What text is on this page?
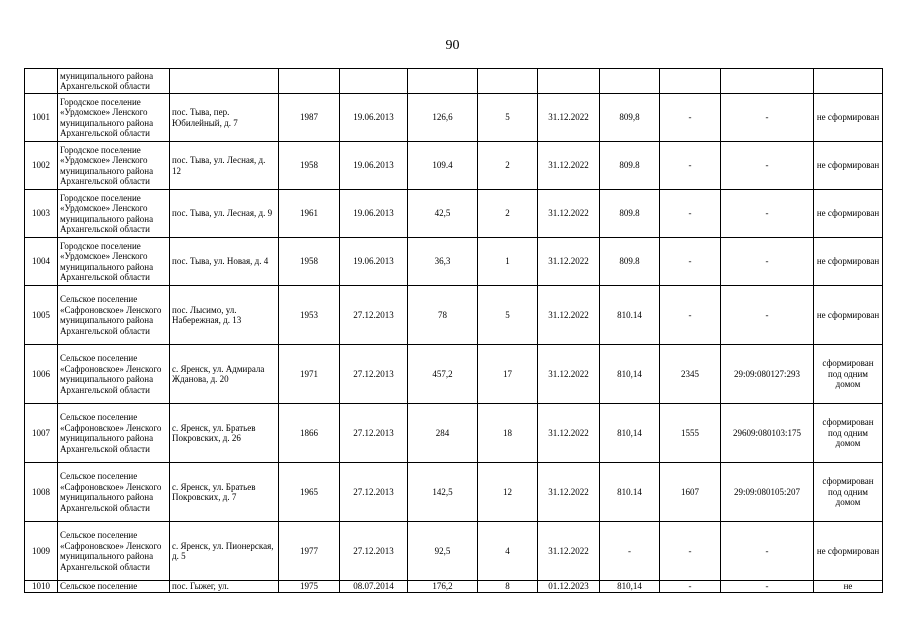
90
	муниципального района Архангельской области										
1001	Городское поселение «Урдомское» Ленского муниципального района Архангельской области	пос. Тыва, пер. Юбилейный, д. 7	1987	19.06.2013	126,6	5	31.12.2022	809,8	-	-	не сформирован
1002	Городское поселение «Урдомское» Ленского муниципального района Архангельской области	пос. Тыва, ул. Лесная, д. 12	1958	19.06.2013	109.4	2	31.12.2022	809.8	-	-	не сформирован
1003	Городское поселение «Урдомское» Ленского муниципального района Архангельской области	пос. Тыва, ул. Лесная, д. 9	1961	19.06.2013	42,5	2	31.12.2022	809.8	-	-	не сформирован
1004	Городское поселение «Урдомское» Ленского муниципального района Архангельской области	пос. Тыва, ул. Новая, д. 4	1958	19.06.2013	36,3	1	31.12.2022	809.8	-	-	не сформирован
1005	Сельское поселение «Сафроновское» Ленского муниципального района Архангельской области	пос. Лысимо, ул. Набережная, д. 13	1953	27.12.2013	78	5	31.12.2022	810.14	-	-	не сформирован
1006	Сельское поселение «Сафроновское» Ленского муниципального района Архангельской области	с. Яренск, ул. Адмирала Жданова, д. 20	1971	27.12.2013	457,2	17	31.12.2022	810,14	2345	29:09:080127:293	сформирован под одним домом
1007	Сельское поселение «Сафроновское» Ленского муниципального района Архангельской области	с. Яренск, ул. Братьев Покровских, д. 26	1866	27.12.2013	284	18	31.12.2022	810,14	1555	29609:080103:175	сформирован под одним домом
1008	Сельское поселение «Сафроновское» Ленского муниципального района Архангельской области	с. Яренск, ул. Братьев Покровских, д. 7	1965	27.12.2013	142,5	12	31.12.2022	810.14	1607	29:09:080105:207	сформирован под одним домом
1009	Сельское поселение «Сафроновское» Ленского муниципального района Архангельской области	с. Яренск, ул. Пионерская, д. 5	1977	27.12.2013	92,5	4	31.12.2022	-	-	-	не сформирован
1010	Сельское поселение	пос. Гыжег, ул.	1975	08.07.2014	176,2	8	01.12.2023	810,14	-	-	не
